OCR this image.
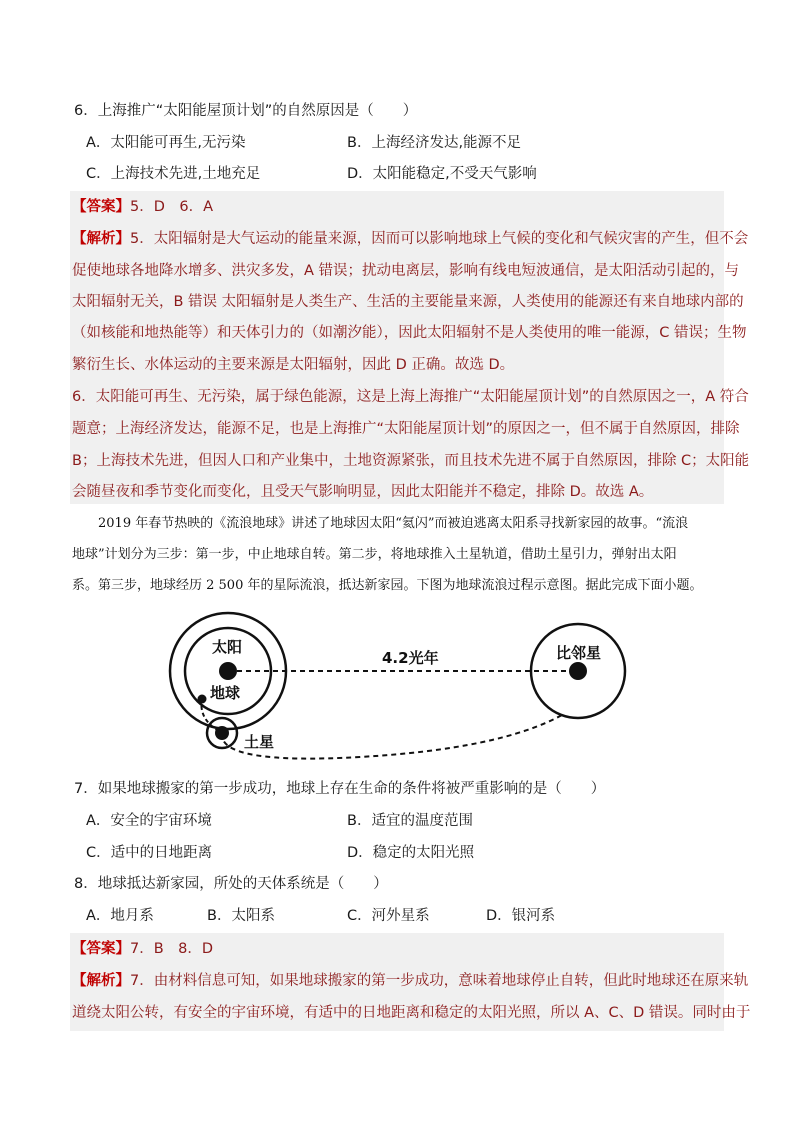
6．上海推广“太阳能屋顶计划”的自然原因是（　　）
A．太阳能可再生,无污染	B．上海经济发达,能源不足
C．上海技术先进,土地充足	D．太阳能稳定,不受天气影响
【答案】5．D　6．A
【解析】5．太阳辐射是大气运动的能量来源，因而可以影响地球上气候的变化和气候灾害的产生，但不会
促使地球各地降水增多、洪灾多发，A 错误；扰动电离层，影响有线电短波通信，是太阳活动引起的，与
太阳辐射无关，B 错误 太阳辐射是人类生产、生活的主要能量来源，人类使用的能源还有来自地球内部的
（如核能和地热能等）和天体引力的（如潮汐能），因此太阳辐射不是人类使用的唯一能源，C 错误；生物
繁衍生长、水体运动的主要来源是太阳辐射，因此 D 正确。故选 D。
6．太阳能可再生、无污染，属于绿色能源，这是上海上海推广“太阳能屋顶计划”的自然原因之一，A 符合
题意；上海经济发达，能源不足，也是上海推广“太阳能屋顶计划”的原因之一，但不属于自然原因，排除
B；上海技术先进，但因人口和产业集中，土地资源紧张，而且技术先进不属于自然原因，排除 C；太阳能
会随昼夜和季节变化而变化，且受天气影响明显，因此太阳能并不稳定，排除 D。故选 A。

　　2019 年春节热映的《流浪地球》讲述了地球因太阳“氦闪”而被迫逃离太阳系寻找新家园的故事。“流浪

地球”计划分为三步：第一步，中止地球自转。第二步，将地球推入土星轨道，借助土星引力，弹射出太阳

系。第三步，地球经历 2 500 年的星际流浪，抵达新家园。下图为地球流浪过程示意图。据此完成下面小题。

太阳
地球
土星
比邻星
4.2光年
7．如果地球搬家的第一步成功，地球上存在生命的条件将被严重影响的是（　　）
A．安全的宇宙环境	B．适宜的温度范围
C．适中的日地距离	D．稳定的太阳光照
8．地球抵达新家园，所处的天体系统是（　　）
A．地月系	B．太阳系	C．河外星系	D．银河系
【答案】7．B　8．D
【解析】7．由材料信息可知，如果地球搬家的第一步成功，意味着地球停止自转，但此时地球还在原来轨
道绕太阳公转，有安全的宇宙环境，有适中的日地距离和稳定的太阳光照，所以 A、C、D 错误。同时由于
